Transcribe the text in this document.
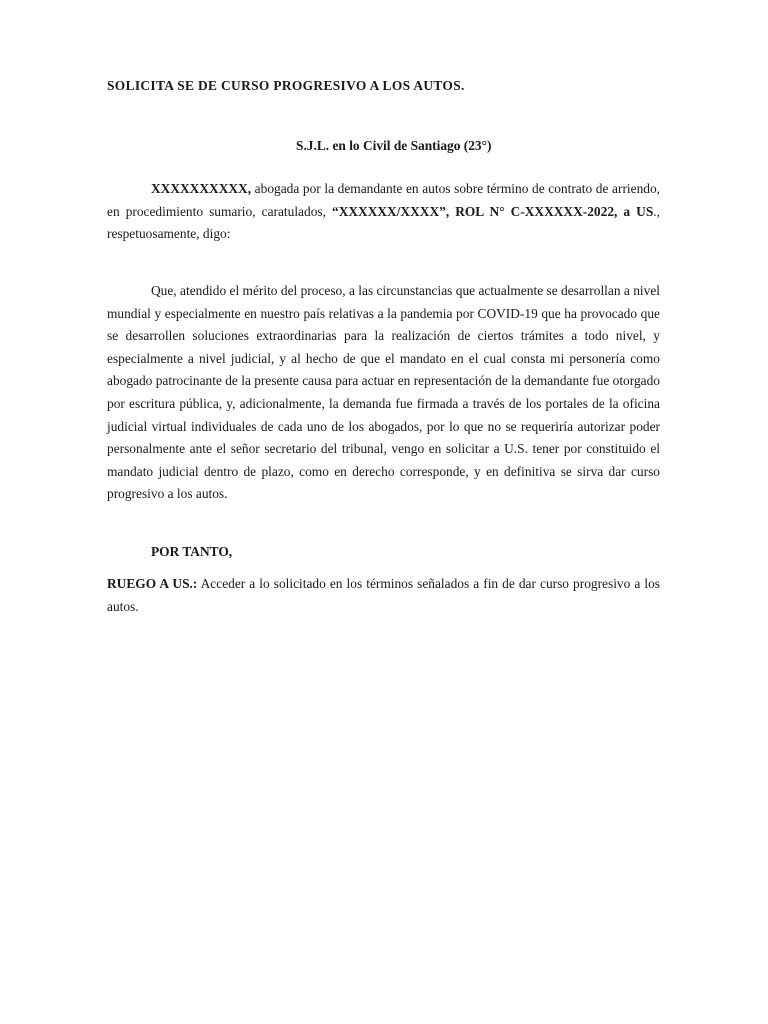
SOLICITA SE DE CURSO PROGRESIVO A LOS AUTOS.
S.J.L. en lo Civil de Santiago (23°)

XXXXXXXXXX, abogada por la demandante en autos sobre término de contrato de arriendo, en procedimiento sumario, caratulados, “XXXXXX/XXXX”, ROL N° C-XXXXXX-2022, a US., respetuosamente, digo:

Que, atendido el mérito del proceso, a las circunstancias que actualmente se desarrollan a nivel mundial y especialmente en nuestro país relativas a la pandemia por COVID-19 que ha provocado que se desarrollen soluciones extraordinarias para la realización de ciertos trámites a todo nivel, y especialmente a nivel judicial, y al hecho de que el mandato en el cual consta mi personería como abogado patrocinante de la presente causa para actuar en representación de la demandante fue otorgado por escritura pública, y, adicionalmente, la demanda fue firmada a través de los portales de la oficina judicial virtual individuales de cada uno de los abogados, por lo que no se requeriría autorizar poder personalmente ante el señor secretario del tribunal, vengo en solicitar a U.S. tener por constituido el mandato judicial dentro de plazo, como en derecho corresponde, y en definitiva se sirva dar curso progresivo a los autos.

POR TANTO,

RUEGO A US.: Acceder a lo solicitado en los términos señalados a fin de dar curso progresivo a los autos.
